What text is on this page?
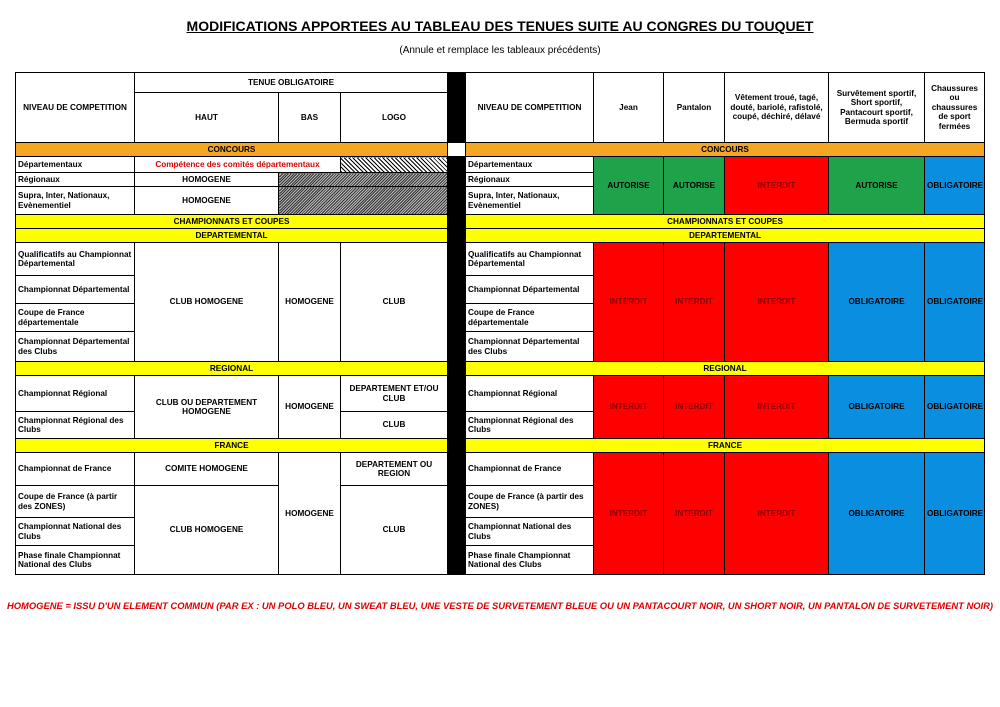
MODIFICATIONS APPORTEES AU TABLEAU DES TENUES SUITE AU CONGRES DU TOUQUET
(Annule et remplace les tableaux précédents)
NIVEAU DE COMPETITION	TENUE OBLIGATOIRE				NIVEAU DE COMPETITION	Jean	Pantalon	Vêtement troué, tagé, douté, bariolé, rafistolé, coupé, déchiré, délavé	Survêtement sportif, Short sportif, Pantacourt sportif, Bermuda sportif	Chaussures ou chaussures de sport fermées
	HAUT	BAS	LOGO							
CONCOURS					CONCOURS					
Départementaux	Compétence des comités départementaux				Départementaux	AUTORISE	AUTORISE	INTERDIT	AUTORISE	OBLIGATOIRE
Régionaux	HOMOGENE				Régionaux					
Supra, Inter, Nationaux, Evènementiel	HOMOGENE				Supra, Inter, Nationaux, Evènementiel					
CHAMPIONNATS ET COUPES					CHAMPIONNATS ET COUPES					
DEPARTEMENTAL					DEPARTEMENTAL					
Qualificatifs au Championnat Départemental	CLUB HOMOGENE	HOMOGENE	CLUB		Qualificatifs au Championnat Départemental	INTERDIT	INTERDIT	INTERDIT	OBLIGATOIRE	OBLIGATOIRE
Championnat Départemental					Championnat Départemental					
Coupe de France départementale					Coupe de France départementale					
Championnat Départemental des Clubs					Championnat Départemental des Clubs					
REGIONAL					REGIONAL					
Championnat Régional	CLUB OU DEPARTEMENT HOMOGENE	HOMOGENE	DEPARTEMENT ET/OU CLUB		Championnat Régional	INTERDIT	INTERDIT	INTERDIT	OBLIGATOIRE	OBLIGATOIRE
Championnat Régional des Clubs			CLUB		Championnat Régional des Clubs					
FRANCE					FRANCE					
Championnat de France	COMITE HOMOGENE	HOMOGENE	DEPARTEMENT OU REGION		Championnat de France	INTERDIT	INTERDIT	INTERDIT	OBLIGATOIRE	OBLIGATOIRE
Coupe de France (à partir des ZONES)	CLUB HOMOGENE		CLUB		Coupe de France (à partir des ZONES)					
Championnat National des Clubs					Championnat National des Clubs					
Phase finale Championnat National des Clubs					Phase finale Championnat National des Clubs					
HOMOGENE = ISSU D'UN ELEMENT COMMUN (PAR EX : UN POLO BLEU, UN SWEAT BLEU, UNE VESTE DE SURVETEMENT BLEUE OU UN PANTACOURT NOIR, UN SHORT NOIR, UN PANTALON DE SURVETEMENT NOIR)
